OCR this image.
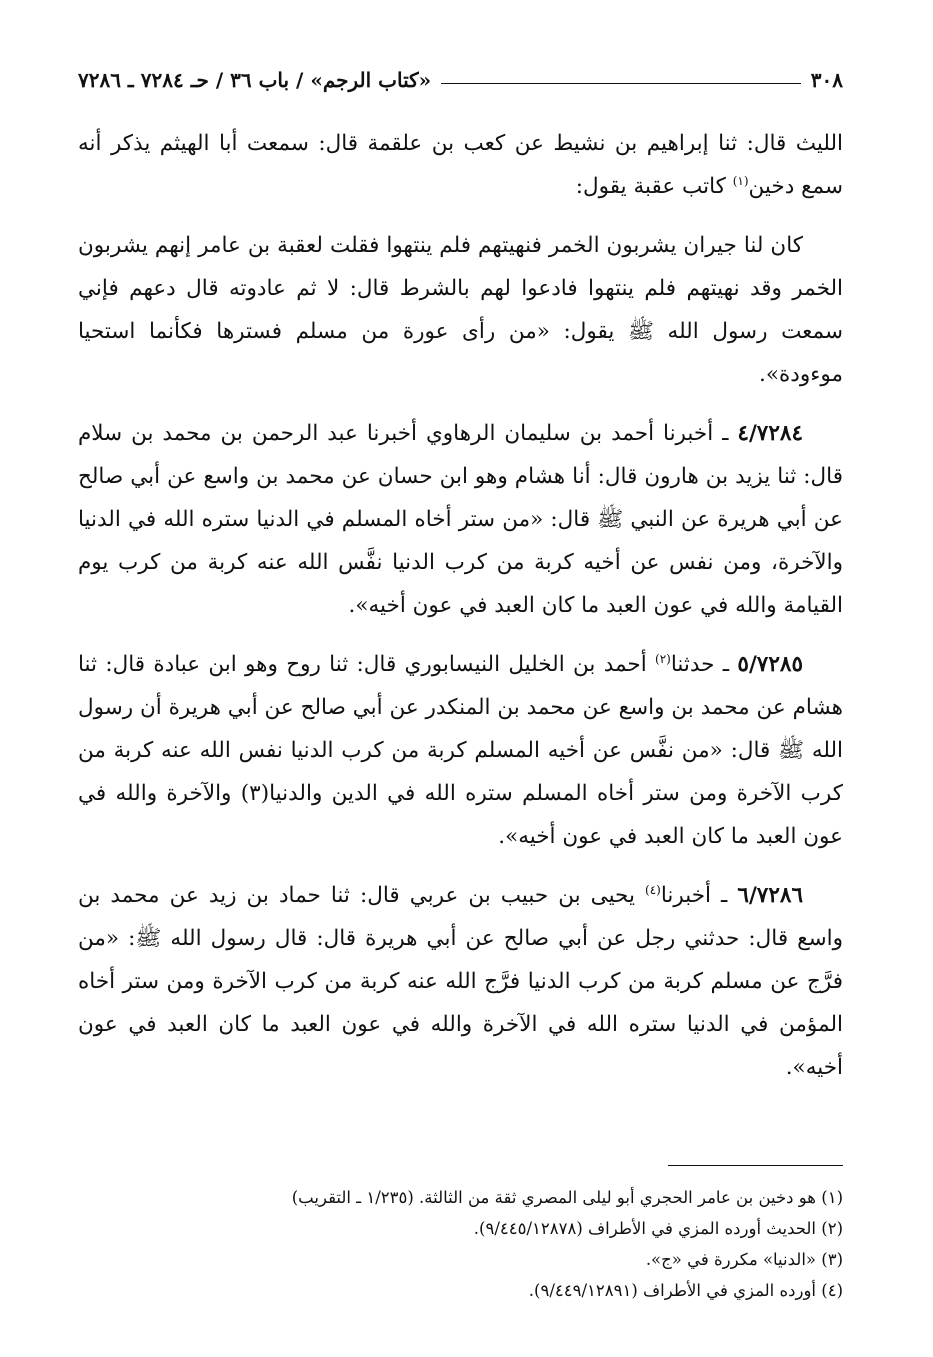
٣٠٨
«كتاب الرجم» / باب ٣٦ / حـ ٧٢٨٤ ـ ٧٢٨٦

الليث قال: ثنا إبراهيم بن نشيط عن كعب بن علقمة قال: سمعت أبا الهيثم يذكر أنه سمع دخين$^{(١)}$ كاتب عقبة يقول:

كان لنا جيران يشربون الخمر فنهيتهم فلم ينتهوا فقلت لعقبة بن عامر إنهم يشربون الخمر وقد نهيتهم فلم ينتهوا فادعوا لهم بالشرط قال: لا ثم عادوته قال دعهم فإني سمعت رسول الله ﷺ يقول: «من رأى عورة من مسلم فسترها فكأنما استحيا موءودة».

٤/٧٢٨٤ ـ أخبرنا أحمد بن سليمان الرهاوي أخبرنا عبد الرحمن بن محمد بن سلام قال: ثنا يزيد بن هارون قال: أنا هشام وهو ابن حسان عن محمد بن واسع عن أبي صالح عن أبي هريرة عن النبي ﷺ قال: «من ستر أخاه المسلم في الدنيا ستره الله في الدنيا والآخرة، ومن نفس عن أخيه كربة من كرب الدنيا نفَّس الله عنه كربة من كرب يوم القيامة والله في عون العبد ما كان العبد في عون أخيه».

٥/٧٢٨٥ ـ حدثنا$^{(٢)}$ أحمد بن الخليل النيسابوري قال: ثنا روح وهو ابن عبادة قال: ثنا هشام عن محمد بن واسع عن محمد بن المنكدر عن أبي صالح عن أبي هريرة أن رسول الله ﷺ قال: «من نفَّس عن أخيه المسلم كربة من كرب الدنيا نفس الله عنه كربة من كرب الآخرة ومن ستر أخاه المسلم ستره الله في الدين والدنيا(٣) والآخرة والله في عون العبد ما كان العبد في عون أخيه».

٦/٧٢٨٦ ـ أخبرنا$^{(٤)}$ يحيى بن حبيب بن عربي قال: ثنا حماد بن زيد عن محمد بن واسع قال: حدثني رجل عن أبي صالح عن أبي هريرة قال: قال رسول الله ﷺ: «من فرَّج عن مسلم كربة من كرب الدنيا فرَّج الله عنه كربة من كرب الآخرة ومن ستر أخاه المؤمن في الدنيا ستره الله في الآخرة والله في عون العبد ما كان العبد في عون أخيه».

(١) هو دخين بن عامر الحجري أبو ليلى المصري ثقة من الثالثة. (١/٢٣٥ ـ التقريب)
(٢) الحديث أورده المزي في الأطراف (٩/٤٤٥/١٢٨٧٨).
(٣) «الدنيا» مكررة في «ج».
(٤) أورده المزي في الأطراف (٩/٤٤٩/١٢٨٩١).
